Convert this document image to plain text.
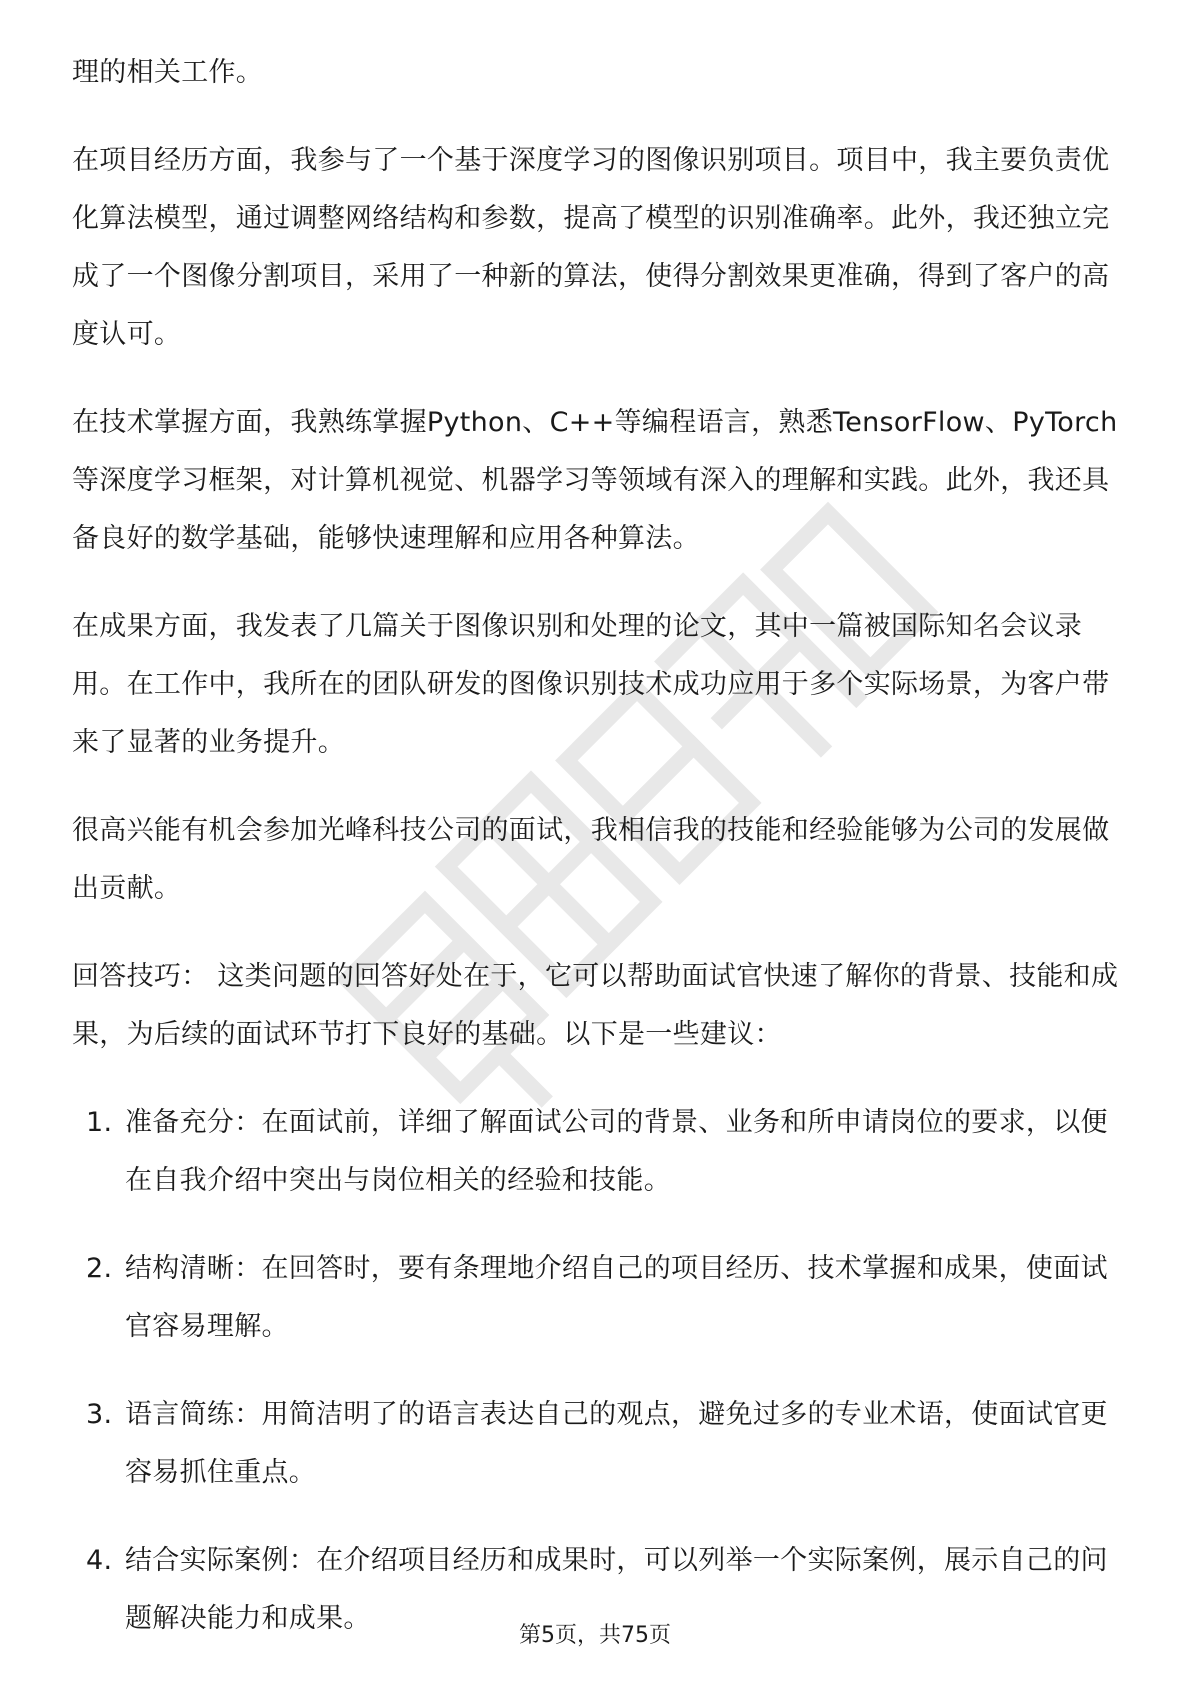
理的相关工作。

在项目经历方面，我参与了一个基于深度学习的图像识别项目。项目中，我主要负责优化算法模型，通过调整网络结构和参数，提高了模型的识别准确率。此外，我还独立完成了一个图像分割项目，采用了一种新的算法，使得分割效果更准确，得到了客户的高度认可。

在技术掌握方面，我熟练掌握Python、C++等编程语言，熟悉TensorFlow、PyTorch等深度学习框架，对计算机视觉、机器学习等领域有深入的理解和实践。此外，我还具备良好的数学基础，能够快速理解和应用各种算法。

在成果方面，我发表了几篇关于图像识别和处理的论文，其中一篇被国际知名会议录用。在工作中，我所在的团队研发的图像识别技术成功应用于多个实际场景，为客户带来了显著的业务提升。

很高兴能有机会参加光峰科技公司的面试，我相信我的技能和经验能够为公司的发展做出贡献。

回答技巧： 这类问题的回答好处在于，它可以帮助面试官快速了解你的背景、技能和成果，为后续的面试环节打下良好的基础。以下是一些建议：

1. 准备充分：在面试前，详细了解面试公司的背景、业务和所申请岗位的要求，以便在自我介绍中突出与岗位相关的经验和技能。
2. 结构清晰：在回答时，要有条理地介绍自己的项目经历、技术掌握和成果，使面试官容易理解。
3. 语言简练：用简洁明了的语言表达自己的观点，避免过多的专业术语，使面试官更容易抓住重点。
4. 结合实际案例：在介绍项目经历和成果时，可以列举一个实际案例，展示自己的问题解决能力和成果。
第5页，共75页
